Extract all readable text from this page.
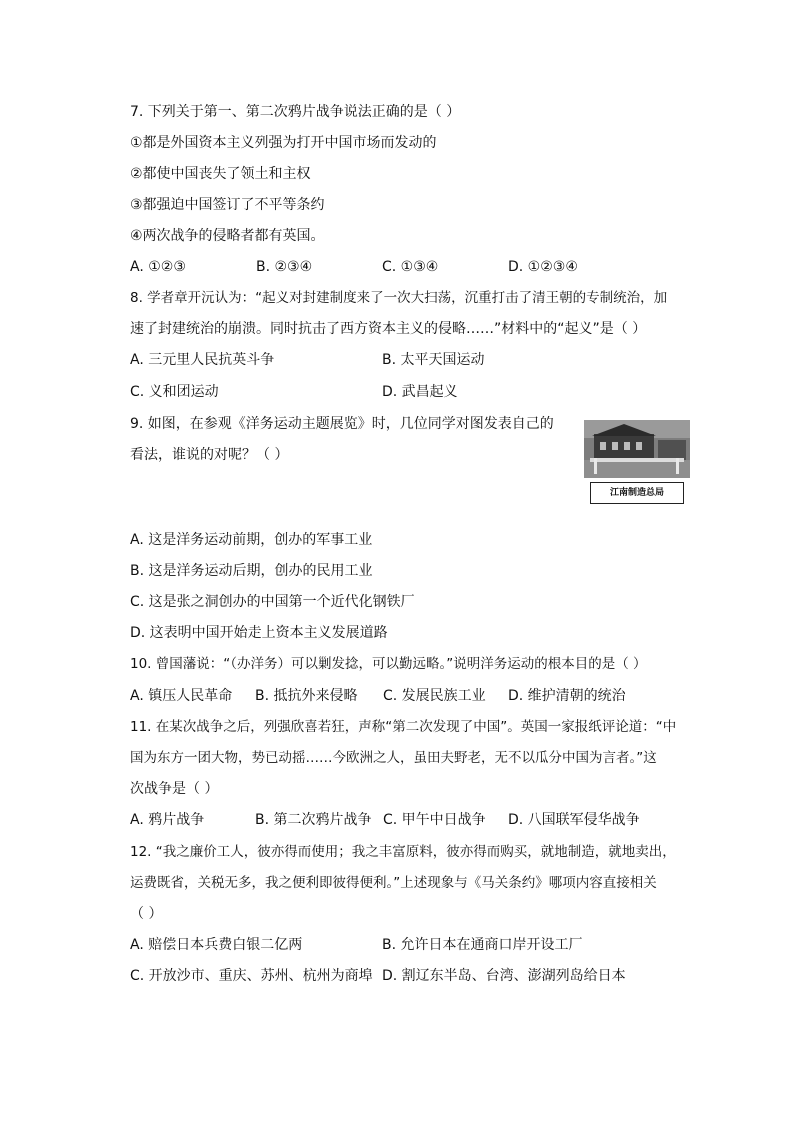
7. 下列关于第一、第二次鸦片战争说法正确的是（ ）
①都是外国资本主义列强为打开中国市场而发动的
②都使中国丧失了领土和主权
③都强迫中国签订了不平等条约
④两次战争的侵略者都有英国。
A. ①②③	B. ②③④	C. ①③④	D. ①②③④
8. 学者章开沅认为：“起义对封建制度来了一次大扫荡，沉重打击了清王朝的专制统治，加
速了封建统治的崩溃。同时抗击了西方资本主义的侵略……”材料中的“起义”是（ ）
A. 三元里人民抗英斗争	B. 太平天国运动
C. 义和团运动	D. 武昌起义
9. 如图，在参观《洋务运动主题展览》时，几位同学对图发表自己的
看法，谁说的对呢？（ ）
江南制造总局
A. 这是洋务运动前期，创办的军事工业
B. 这是洋务运动后期，创办的民用工业
C. 这是张之洞创办的中国第一个近代化钢铁厂
D. 这表明中国开始走上资本主义发展道路
10. 曾国藩说：“（办洋务）可以剿发捻，可以勤远略。”说明洋务运动的根本目的是（ ）
A. 镇压人民革命 B. 抵抗外来侵略 C. 发展民族工业 D. 维护清朝的统治
11. 在某次战争之后，列强欣喜若狂，声称“第二次发现了中国”。英国一家报纸评论道：“中
国为东方一团大物，势已动摇……今欧洲之人，虽田夫野老，无不以瓜分中国为言者。”这
次战争是（ ）
A. 鸦片战争	B. 第二次鸦片战争 C. 甲午中日战争 D. 八国联军侵华战争
12. “我之廉价工人，彼亦得而使用；我之丰富原料，彼亦得而购买，就地制造，就地卖出，
运费既省，关税无多，我之便利即彼得便利。”上述现象与《马关条约》哪项内容直接相关
（ ）
A. 赔偿日本兵费白银二亿两	B. 允许日本在通商口岸开设工厂
C. 开放沙市、重庆、苏州、杭州为商埠 D. 割辽东半岛、台湾、澎湖列岛给日本
